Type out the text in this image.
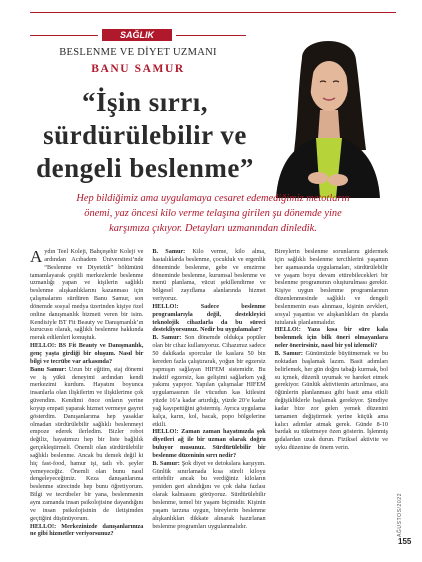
SAĞLIK
BESLENME VE DİYET UZMANI
BANU SAMUR
“İşin sırrı,
sürdürülebilir ve
dengeli beslenme”
Hep bildiğimiz ama uygulamaya cesaret edemediğimiz metotların
önemi, yaz öncesi kilo verme telaşına girilen şu dönemde yine
karşımıza çıkıyor. Detayları uzmanından dinledik.

A ydın Teel Koleji, Bahçeşehir Koleji ve ardından Acıbadem Üniversitesi’nde “Beslenme ve Diyetetik” bölümünü tamamlayarak çeşitli merkezlerde beslenme uzmanlığı yapan ve kişilerin sağlıklı beslenme alışkanlıklarını kazanması için çalışmalarını sürdüren Banu Samur, son dönemde sosyal medya üzerinden kişiye özel online danışmanlık hizmeti veren bir isim. Kendisiyle BT Fit Beauty ve Danışmanlık’ın kurucusu olarak, sağlıklı beslenme hakkında merak edilenleri konuştuk.

HELLO!: BS Fit Beauty ve Danışmanlık, genç yaşta girdiği bir oluşum. Nasıl bir bilgi ve tecrübe var arkasında?

Banu Samur: Uzun bir eğitim, staj dönemi ve iş yükü deneyimi ardından kendi merkezimi kurdum. Hayatım boyunca insanlarla olan ilişkilerim ve ilişkilerime çok güvendim. Kendimi önce onların yerine koyup empati yaparak hizmet vermeye gayret gösterdim. Danışanlarıma hep yasaklar olmadan sürdürülebilir sağlıklı beslenmeyi empoze ederek ilerledim. Bizler robot değiliz, hayatımızı hep bir liste bağlılık gerçekleştirmeli. Önemli olan sürdürülebilir sağlıklı beslenme. Ancak bu demek değil ki hiç fast-food, hamur işi, tatlı vb. şeyler yemeyeceğiz. Önemli olan bunu nasıl dengeleyeceğimiz. Keza danışanlarıma beslenme sürecinde hep bunu öğretiyorum. Bilgi ve tecrübeler bir yana, beslenmenin aynı zamanda insan psikolojisine dayandığını ve insan psikolojisinin de iletişimden geçtiğini düşünüyorum.

HELLO!: Merkezinizde danışanlarınıza ne gibi hizmetler veriyorsunuz?

B. Samur: Kilo verme, kilo alma, hastalıklarda beslenme, çocukluk ve ergenlik döneminde beslenme, gebe ve emzirme döneminde beslenme, kurumsal beslenme ve menü planlama, vücut şekillendirme ve bölgesel zayıflama alanlarında hizmet veriyoruz.

HELLO!: Sadece beslenme programlarıyla değil, destekleyici teknolojik cihazlarla da bu süreci destekliyorsunuz. Nedir bu uygulamalar?

B. Samur: Son dönemde oldukça popüler olan bir cihaz kullanıyoruz. Cihazımız sadece 50 dakikada sporcular ile kaslara 50 bin kereden fazla çalıştırarak, yoğun bir egzersiz yapmışın sağlayan HIFEM sistemidir. Bu inaktif egzersiz, kas gelişimi sağlarken yağ yakımı yapıyor. Yapılan çalışmalar HIFEM uygulamasının ile vücudun kas kitlesini yüzde 16’a kadar artırdığı, yüzde 20’e kadar yağ kayıpettiğini göstermiş. Ayrıca uygulama kalça, karın, kol, bacak, popo bölgelerine etkili.

HELLO!: Zaman zaman hayatınızda şok diyetleri ağ ile bir uzman olarak doğru buluyor musunuz. Sürdürülebilir bir beslenme düzeninin sırrı nedir?

B. Samur: Şok diyet ve detokslara karşıyım. Günlük sınırlamada kısa süreli kiloyu eritebilir ancak bu verdiğiniz kiloların yeniden geri alındığını ve çok daha fazlası olarak kalmasını görüyoruz. Sürdürülebilir beslenme, temel bir yaşam biçimidir. Kişinin yaşam tarzına uygun, bireylerin beslenme alışkanlıkları dikkate alınarak hazırlanan beslenme programları uygulanmalıdır.

Bireylerin beslenme sorunlarını gidermek için sağlıklı beslenme tercihlerini yaşamın her aşamasında uygulamaları, sürdürülebilir ve yaşam boyu devam ettirebilecekleri bir beslenme programının oluşturulması gerekir. Kişiye uygun beslenme programlarının düzenlenmesinde sağlıklı ve dengeli beslenmenin esas alınması, kişinin zevkleri, sosyal yaşantısı ve alışkanlıkları ön planda tutularak planlanmalıdır.

HELLO!: Yaza kısa bir süre kala beslenmek için bilk öneri olmayanlara neler önerirsiniz, nasıl bir yol izlemeli?

B. Samur: Günümüzde büyütmemek ve bu noktadan başlamak lazım. Basit adımları belirlemek, her gün doğru tabağı kurmak, bol su içmek, düzenli uyumak ve hareket etmek gerekiyor. Günlük aktivitenin artırılması, ara öğünlerin planlanması gibi basit ama etkili değişikliklerle başlamak gerekiyor. Şimdiye kadar bize zor gelen yemek düzenini tamamen değiştirmek yerine küçük ama kalıcı adımlar atmak gerek. Günde 8-10 bardak su tüketmeye özen gösterin. İşlenmiş gıdalardan uzak durun. Fiziksel aktivite ve uyku düzenine de önem verin.

AĞUSTOS/2022
155
